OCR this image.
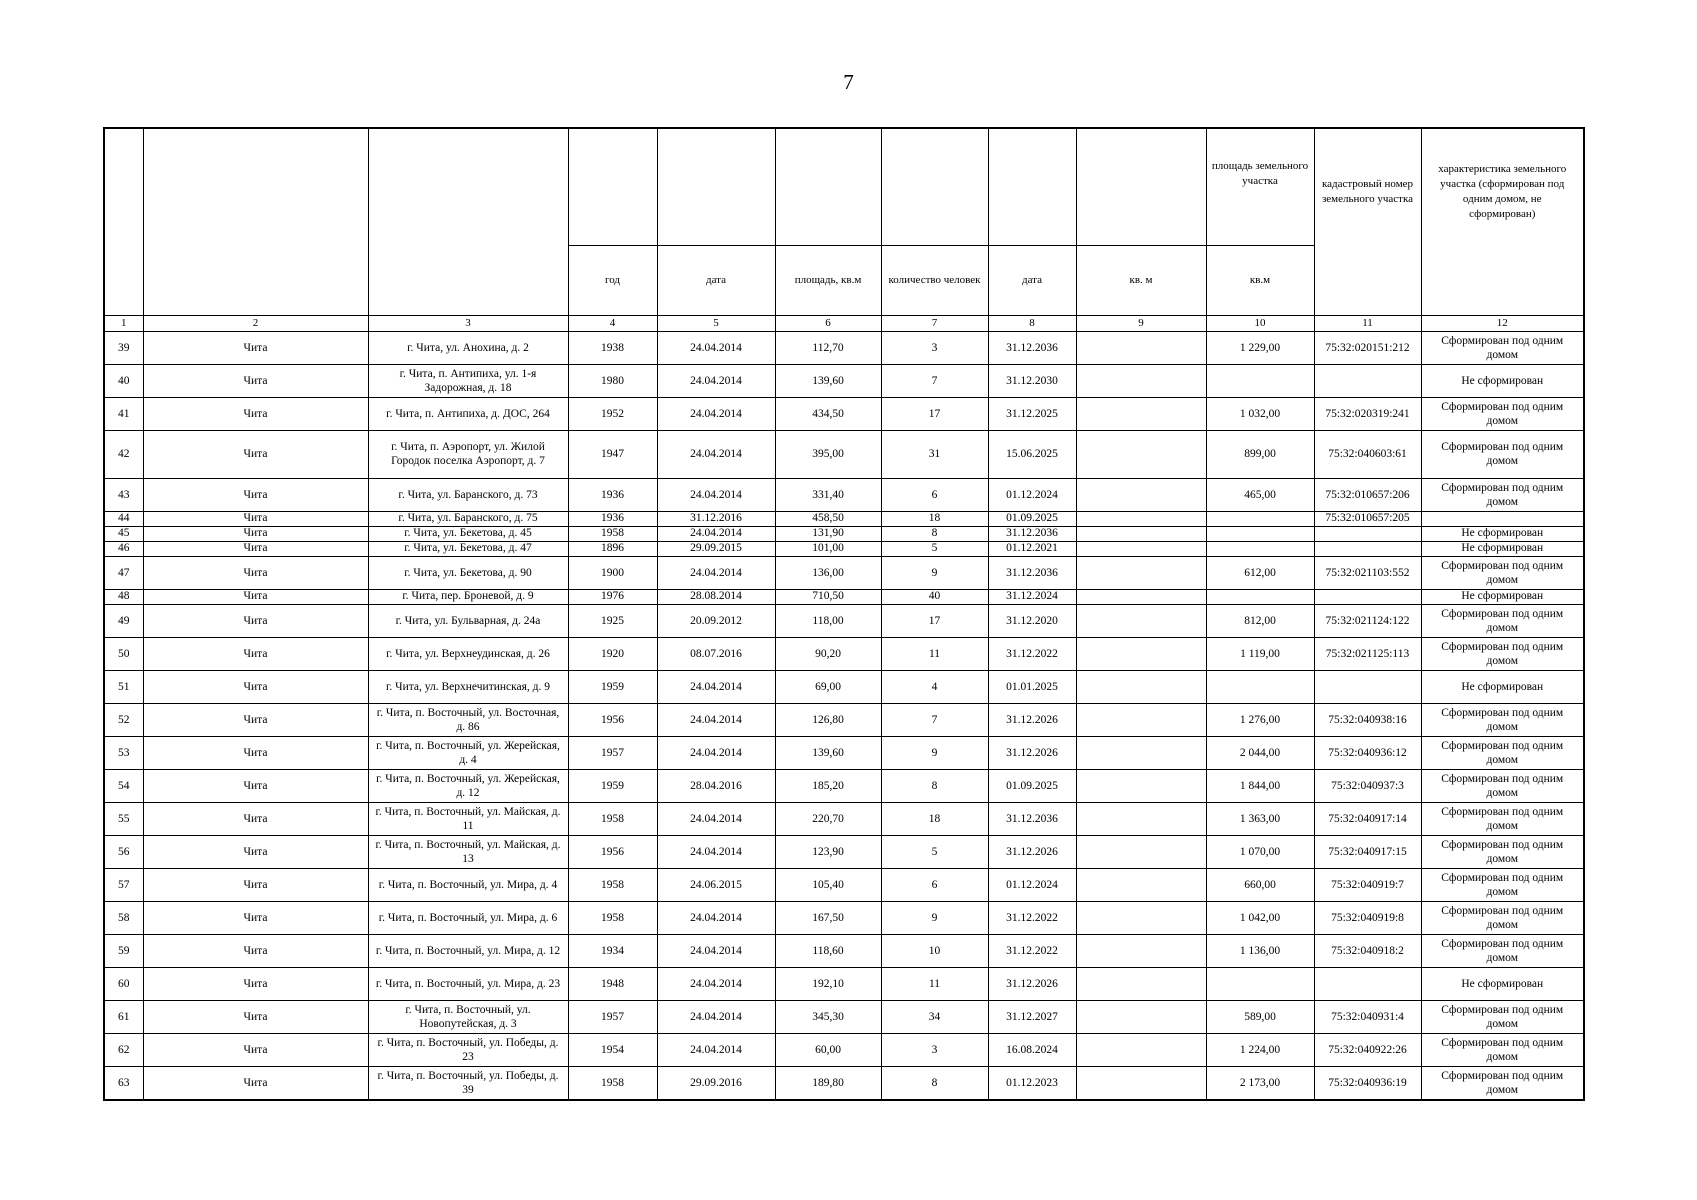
7
									площадь земельного участка	кадастровый номер земельного участка	характеристика земельного участка (сформирован под одним домом, не сформирован)
			год	дата	площадь, кв.м	количество человек	дата	кв. м	кв.м		
1	2	3	4	5	6	7	8	9	10	11	12
39	Чита	г. Чита, ул. Анохина, д. 2	1938	24.04.2014	112,70	3	31.12.2036		1 229,00	75:32:020151:212	Сформирован под одним домом
40	Чита	г. Чита, п. Антипиха, ул. 1-я Задорожная, д. 18	1980	24.04.2014	139,60	7	31.12.2030				Не сформирован
41	Чита	г. Чита, п. Антипиха, д. ДОС, 264	1952	24.04.2014	434,50	17	31.12.2025		1 032,00	75:32:020319:241	Сформирован под одним домом
42	Чита	г. Чита, п. Аэропорт, ул. Жилой Городок поселка Аэропорт, д. 7	1947	24.04.2014	395,00	31	15.06.2025		899,00	75:32:040603:61	Сформирован под одним домом
43	Чита	г. Чита, ул. Баранского, д. 73	1936	24.04.2014	331,40	6	01.12.2024		465,00	75:32:010657:206	Сформирован под одним домом
44	Чита	г. Чита, ул. Баранского, д. 75	1936	31.12.2016	458,50	18	01.09.2025			75:32:010657:205	
45	Чита	г. Чита, ул. Бекетова, д. 45	1958	24.04.2014	131,90	8	31.12.2036				Не сформирован
46	Чита	г. Чита, ул. Бекетова, д. 47	1896	29.09.2015	101,00	5	01.12.2021				Не сформирован
47	Чита	г. Чита, ул. Бекетова, д. 90	1900	24.04.2014	136,00	9	31.12.2036		612,00	75:32:021103:552	Сформирован под одним домом
48	Чита	г. Чита, пер. Броневой, д. 9	1976	28.08.2014	710,50	40	31.12.2024				Не сформирован
49	Чита	г. Чита, ул. Бульварная, д. 24а	1925	20.09.2012	118,00	17	31.12.2020		812,00	75:32:021124:122	Сформирован под одним домом
50	Чита	г. Чита, ул. Верхнеудинская, д. 26	1920	08.07.2016	90,20	11	31.12.2022		1 119,00	75:32:021125:113	Сформирован под одним домом
51	Чита	г. Чита, ул. Верхнечитинская, д. 9	1959	24.04.2014	69,00	4	01.01.2025				Не сформирован
52	Чита	г. Чита, п. Восточный, ул. Восточная, д. 86	1956	24.04.2014	126,80	7	31.12.2026		1 276,00	75:32:040938:16	Сформирован под одним домом
53	Чита	г. Чита, п. Восточный, ул. Жерейская, д. 4	1957	24.04.2014	139,60	9	31.12.2026		2 044,00	75:32:040936:12	Сформирован под одним домом
54	Чита	г. Чита, п. Восточный, ул. Жерейская, д. 12	1959	28.04.2016	185,20	8	01.09.2025		1 844,00	75:32:040937:3	Сформирован под одним домом
55	Чита	г. Чита, п. Восточный, ул. Майская, д. 11	1958	24.04.2014	220,70	18	31.12.2036		1 363,00	75:32:040917:14	Сформирован под одним домом
56	Чита	г. Чита, п. Восточный, ул. Майская, д. 13	1956	24.04.2014	123,90	5	31.12.2026		1 070,00	75:32:040917:15	Сформирован под одним домом
57	Чита	г. Чита, п. Восточный, ул. Мира, д. 4	1958	24.06.2015	105,40	6	01.12.2024		660,00	75:32:040919:7	Сформирован под одним домом
58	Чита	г. Чита, п. Восточный, ул. Мира, д. 6	1958	24.04.2014	167,50	9	31.12.2022		1 042,00	75:32:040919:8	Сформирован под одним домом
59	Чита	г. Чита, п. Восточный, ул. Мира, д. 12	1934	24.04.2014	118,60	10	31.12.2022		1 136,00	75:32:040918:2	Сформирован под одним домом
60	Чита	г. Чита, п. Восточный, ул. Мира, д. 23	1948	24.04.2014	192,10	11	31.12.2026				Не сформирован
61	Чита	г. Чита, п. Восточный, ул. Новопутейская, д. 3	1957	24.04.2014	345,30	34	31.12.2027		589,00	75:32:040931:4	Сформирован под одним домом
62	Чита	г. Чита, п. Восточный, ул. Победы, д. 23	1954	24.04.2014	60,00	3	16.08.2024		1 224,00	75:32:040922:26	Сформирован под одним домом
63	Чита	г. Чита, п. Восточный, ул. Победы, д. 39	1958	29.09.2016	189,80	8	01.12.2023		2 173,00	75:32:040936:19	Сформирован под одним домом
